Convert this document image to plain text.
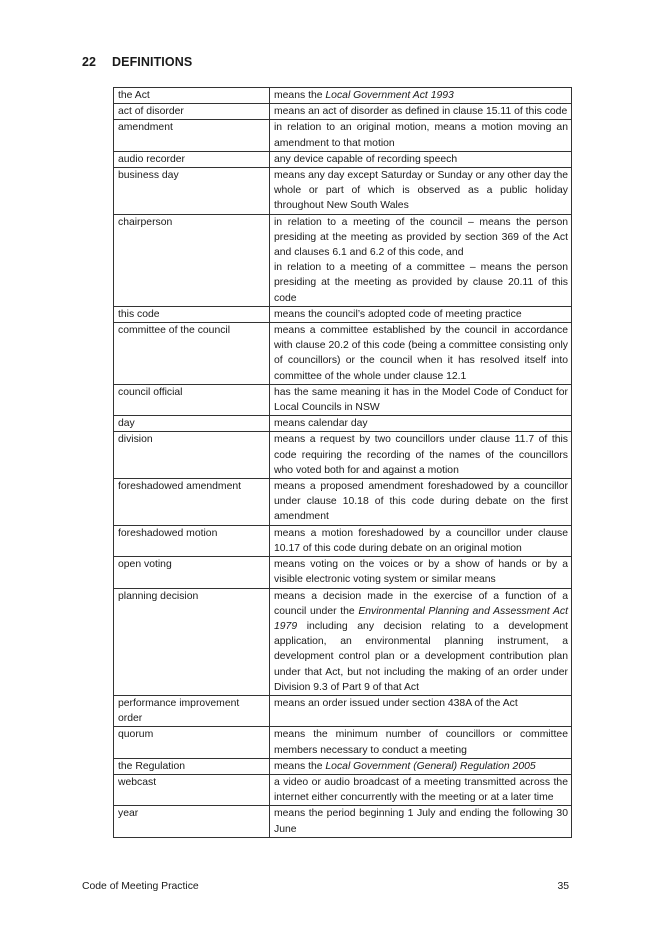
22 DEFINITIONS
the Act	means the Local Government Act 1993

act of disorder	means an act of disorder as defined in clause 15.11 of this code

amendment	in relation to an original motion, means a motion moving an amendment to that motion

audio recorder	any device capable of recording speech

business day	means any day except Saturday or Sunday or any other day the whole or part of which is observed as a public holiday throughout New South Wales

chairperson	in relation to a meeting of the council – means the person presiding at the meeting as provided by section 369 of the Act and clauses 6.1 and 6.2 of this code, and
in relation to a meeting of a committee – means the person presiding at the meeting as provided by clause 20.11 of this code

this code	means the council’s adopted code of meeting practice

committee of the council	means a committee established by the council in accordance with clause 20.2 of this code (being a committee consisting only of councillors) or the council when it has resolved itself into committee of the whole under clause 12.1

council official	has the same meaning it has in the Model Code of Conduct for Local Councils in NSW

day	means calendar day

division	means a request by two councillors under clause 11.7 of this code requiring the recording of the names of the councillors who voted both for and against a motion

foreshadowed amendment	means a proposed amendment foreshadowed by a councillor under clause 10.18 of this code during debate on the first amendment

foreshadowed motion	means a motion foreshadowed by a councillor under clause 10.17 of this code during debate on an original motion

open voting	means voting on the voices or by a show of hands or by a visible electronic voting system or similar means

planning decision	means a decision made in the exercise of a function of a council under the Environmental Planning and Assessment Act 1979 including any decision relating to a development application, an environmental planning instrument, a development control plan or a development contribution plan under that Act, but not including the making of an order under Division 9.3 of Part 9 of that Act

performance improvement order	means an order issued under section 438A of the Act

quorum	means the minimum number of councillors or committee members necessary to conduct a meeting

the Regulation	means the Local Government (General) Regulation 2005

webcast	a video or audio broadcast of a meeting transmitted across the internet either concurrently with the meeting or at a later time

year	means the period beginning 1 July and ending the following 30 June
Code of Meeting Practice	35
